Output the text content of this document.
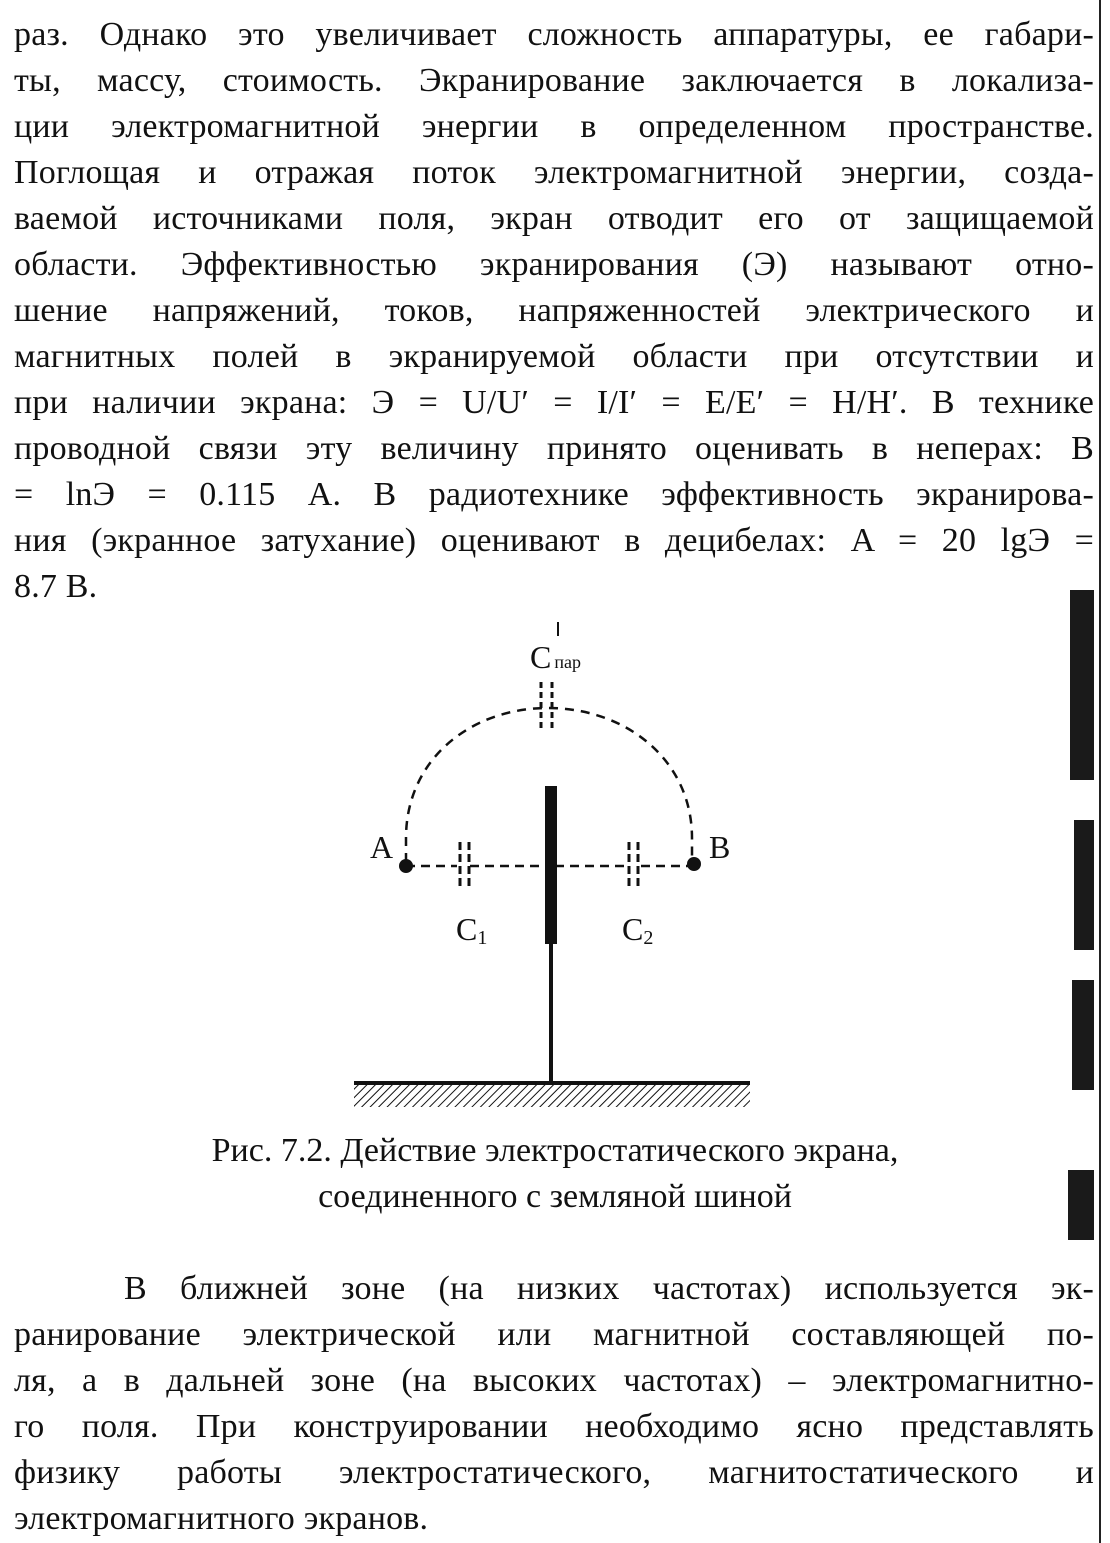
раз. Однако это увеличивает сложность аппаратуры, ее габари-
ты, массу, стоимость. Экранирование заключается в локализа-
ции электромагнитной энергии в определенном пространстве.
Поглощая и отражая поток электромагнитной энергии, созда-
ваемой источниками поля, экран отводит его от защищаемой
области. Эффективностью экранирования (Э) называют отно-
шение напряжений, токов, напряженностей электрического и
магнитных полей в экранируемой области при отсутствии и
при наличии экрана: Э = U/U′ = I/I′ = E/E′ = H/H′. В технике
проводной связи эту величину принято оценивать в неперах: B
= lnЭ = 0.115 A. В радиотехнике эффективность экранирова-
ния (экранное затухание) оценивают в децибелах: A = 20 lgЭ =
8.7 B.
Cпар
A	B
C1	C2
Рис. 7.2. Действие электростатического экрана,
соединенного с земляной шиной
В ближней зоне (на низких частотах) используется эк-
ранирование электрической или магнитной составляющей по-
ля, а в дальней зоне (на высоких частотах) – электромагнитно-
го поля. При конструировании необходимо ясно представлять
физику работы электростатического, магнитостатического и
электромагнитного экранов.
